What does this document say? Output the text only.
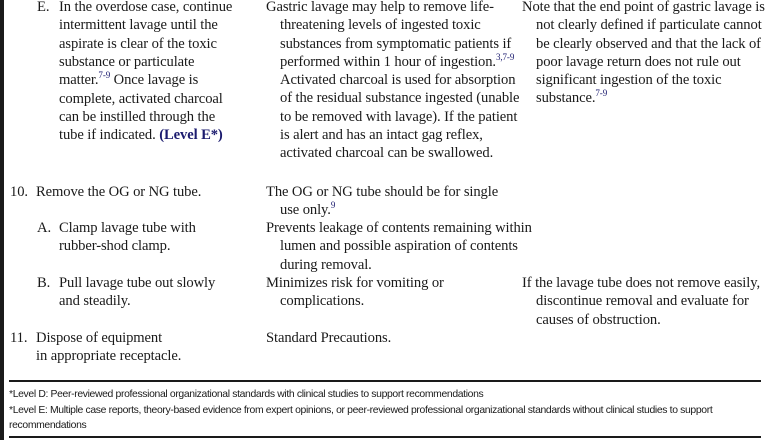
E. In the overdose case, continue
intermittent lavage until the
aspirate is clear of the toxic
substance or particulate
matter.$^{7-9}$ Once lavage is
complete, activated charcoal
can be instilled through the
tube if indicated. (Level E*)
Gastric lavage may help to remove life-threatening levels of ingested toxic substances from symptomatic patients if performed within 1 hour of ingestion.$^{3,7-9}$ Activated charcoal is used for absorption of the residual substance ingested (unable to be removed with lavage). If the patient is alert and has an intact gag reflex, activated charcoal can be swallowed.
Note that the end point of gastric lavage is not clearly defined if particulate cannot be clearly observed and that the lack of poor lavage return does not rule out significant ingestion of the toxic substance.$^{7-9}$
10. Remove the OG or NG tube.	The OG or NG tube should be for single use only.$^9$
A. Clamp lavage tube with
rubber-shod clamp.
Prevents leakage of contents remaining within lumen and possible aspiration of contents during removal.
B. Pull lavage tube out slowly
and steadily.
Minimizes risk for vomiting or complications.
If the lavage tube does not remove easily, discontinue removal and evaluate for causes of obstruction.
11. Dispose of equipment
in appropriate receptacle.
Standard Precautions.
*Level D: Peer-reviewed professional organizational standards with clinical studies to support recommendations
*Level E: Multiple case reports, theory-based evidence from expert opinions, or peer-reviewed professional organizational standards without clinical studies to support recommendations
